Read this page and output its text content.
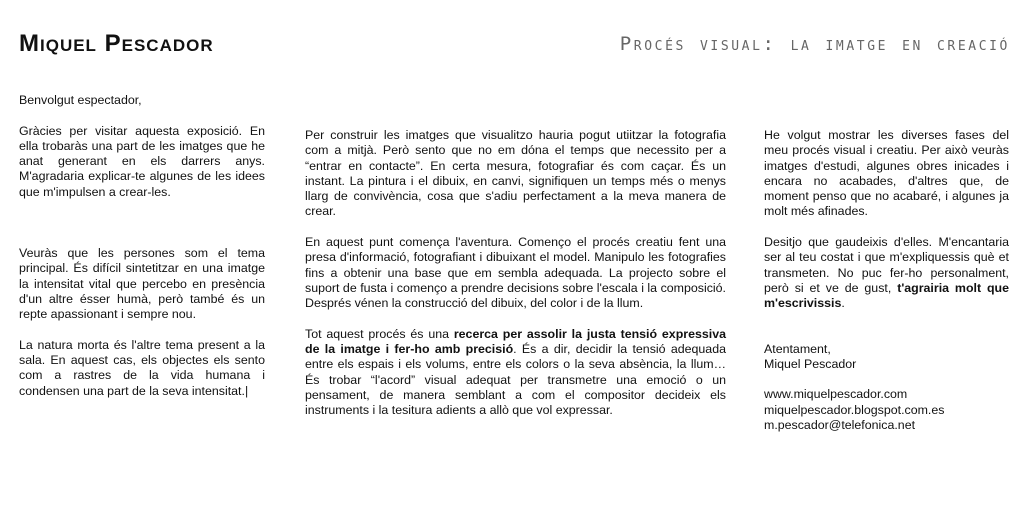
Miquel Pescador	Procés visual: la imatge en creació

Benvolgut espectador,

Gràcies per visitar aquesta exposició. En ella trobaràs una part de les imatges que he anat generant en els darrers anys. M'agradaria explicar-te algunes de les idees que m'impulsen a crear-les.

Veuràs que les persones som el tema principal. És difícil sintetitzar en una imatge la intensitat vital que percebo en presència d'un altre ésser humà, però també és un repte apassionant i sempre nou.

La natura morta és l'altre tema present a la sala. En aquest cas, els objectes els sento com a rastres de la vida humana i condensen una part de la seva intensitat.|

Per construir les imatges que visualitzo hauria pogut utiitzar la fotografia com a mitjà. Però sento que no em dóna el temps que necessito per a “entrar en contacte”. En certa mesura, fotografiar és com caçar. És un instant. La pintura i el dibuix, en canvi, signifiquen un temps més o menys llarg de convivència, cosa que s'adiu perfectament a la meva manera de crear.

En aquest punt comença l'aventura. Començo el procés creatiu fent una presa d'informació, fotografiant i dibuixant el model. Manipulo les fotografies fins a obtenir una base que em sembla adequada. La projecto sobre el suport de fusta i començo a prendre decisions sobre l'escala i la composició. Després vénen la construcció del dibuix, del color i de la llum.

Tot aquest procés és una recerca per assolir la justa tensió expressiva de la imatge i fer-ho amb precisió. És a dir, decidir la tensió adequada entre els espais i els volums, entre els colors o la seva absència, la llum… És trobar “l'acord” visual adequat per transmetre una emoció o un pensament, de manera semblant a com el compositor decideix els instruments i la tesitura adients a allò que vol expressar.

He volgut mostrar les diverses fases del meu procés visual i creatiu. Per això veuràs imatges d'estudi, algunes obres inicades i encara no acabades, d'altres que, de moment penso que no acabaré, i algunes ja molt més afinades.

Desitjo que gaudeixis d'elles. M'encantaria ser al teu costat i que m'expliquessis què et transmeten. No puc fer-ho personalment, però si et ve de gust, t'agrairia molt que m'escrivissis.

Atentament,

Miquel Pescador

www.miquelpescador.com

miquelpescador.blogspot.com.es

m.pescador@telefonica.net
